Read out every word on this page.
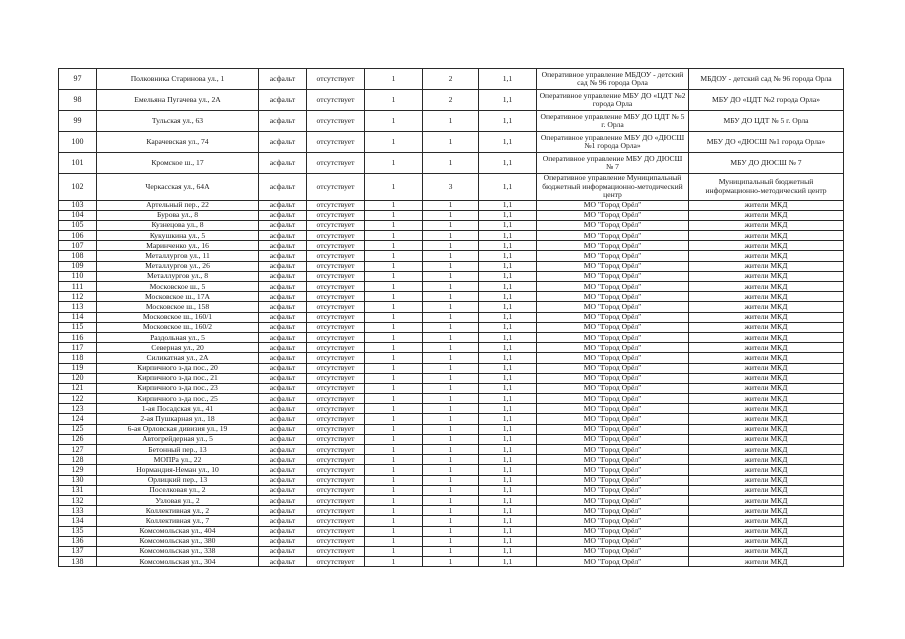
97	Полковника Старинова ул., 1	асфальт	отсутствует	1	2	1,1	Оперативное управление МБДОУ - детский сад № 96 города Орла	МБДОУ - детский сад № 96 города Орла
98	Емельяна Пугачева ул., 2А	асфальт	отсутствует	1	2	1,1	Оперативное управление МБУ ДО «ЦДТ №2 города Орла	МБУ ДО «ЦДТ №2 города Орла»
99	Тульская ул., 63	асфальт	отсутствует	1	1	1,1	Оперативное управление МБУ ДО ЦДТ № 5 г. Орла	МБУ ДО ЦДТ № 5 г. Орла
100	Карачевская ул., 74	асфальт	отсутствует	1	1	1,1	Оперативное управление МБУ ДО «ДЮСШ №1 города Орла»	МБУ ДО «ДЮСШ №1 города Орла»
101	Кромское ш., 17	асфальт	отсутствует	1	1	1,1	Оперативное управление МБУ ДО ДЮСШ № 7	МБУ ДО ДЮСШ № 7
102	Черкасская ул., 64А	асфальт	отсутствует	1	3	1,1	Оперативное управление Муниципальный бюджетный информационно-методический центр	Муниципальный бюджетный информационно-методический центр
103	Артельный пер., 22	асфальт	отсутствует	1	1	1,1	МО "Город Орёл"	жители МКД
104	Бурова ул., 8	асфальт	отсутствует	1	1	1,1	МО "Город Орёл"	жители МКД
105	Кузнецова ул., 8	асфальт	отсутствует	1	1	1,1	МО "Город Орёл"	жители МКД
106	Кукушкина ул., 5	асфальт	отсутствует	1	1	1,1	МО "Город Орёл"	жители МКД
107	Маринченко ул., 16	асфальт	отсутствует	1	1	1,1	МО "Город Орёл"	жители МКД
108	Металлургов ул., 11	асфальт	отсутствует	1	1	1,1	МО "Город Орёл"	жители МКД
109	Металлургов ул., 26	асфальт	отсутствует	1	1	1,1	МО "Город Орёл"	жители МКД
110	Металлургов ул., 8	асфальт	отсутствует	1	1	1,1	МО "Город Орёл"	жители МКД
111	Московское ш., 5	асфальт	отсутствует	1	1	1,1	МО "Город Орёл"	жители МКД
112	Московское ш., 17А	асфальт	отсутствует	1	1	1,1	МО "Город Орёл"	жители МКД
113	Московское ш., 158	асфальт	отсутствует	1	1	1,1	МО "Город Орёл"	жители МКД
114	Московское ш., 160/1	асфальт	отсутствует	1	1	1,1	МО "Город Орёл"	жители МКД
115	Московское ш., 160/2	асфальт	отсутствует	1	1	1,1	МО "Город Орёл"	жители МКД
116	Раздольная ул., 5	асфальт	отсутствует	1	1	1,1	МО "Город Орёл"	жители МКД
117	Северная ул., 20	асфальт	отсутствует	1	1	1,1	МО "Город Орёл"	жители МКД
118	Силикатная ул., 2А	асфальт	отсутствует	1	1	1,1	МО "Город Орёл"	жители МКД
119	Кирпичного з-да пос., 20	асфальт	отсутствует	1	1	1,1	МО "Город Орёл"	жители МКД
120	Кирпичного з-да пос., 21	асфальт	отсутствует	1	1	1,1	МО "Город Орёл"	жители МКД
121	Кирпичного з-да пос., 23	асфальт	отсутствует	1	1	1,1	МО "Город Орёл"	жители МКД
122	Кирпичного з-да пос., 25	асфальт	отсутствует	1	1	1,1	МО "Город Орёл"	жители МКД
123	1-ая Посадская ул., 41	асфальт	отсутствует	1	1	1,1	МО "Город Орёл"	жители МКД
124	2-ая Пушкарная ул., 18	асфальт	отсутствует	1	1	1,1	МО "Город Орёл"	жители МКД
125	6-ая Орловская дивизия ул., 19	асфальт	отсутствует	1	1	1,1	МО "Город Орёл"	жители МКД
126	Автогрейдерная ул., 5	асфальт	отсутствует	1	1	1,1	МО "Город Орёл"	жители МКД
127	Бетонный пер., 13	асфальт	отсутствует	1	1	1,1	МО "Город Орёл"	жители МКД
128	МОПРа ул., 22	асфальт	отсутствует	1	1	1,1	МО "Город Орёл"	жители МКД
129	Нормандия-Неман ул., 10	асфальт	отсутствует	1	1	1,1	МО "Город Орёл"	жители МКД
130	Орлицкий пер., 13	асфальт	отсутствует	1	1	1,1	МО "Город Орёл"	жители МКД
131	Поселковая ул., 2	асфальт	отсутствует	1	1	1,1	МО "Город Орёл"	жители МКД
132	Узловая ул., 2	асфальт	отсутствует	1	1	1,1	МО "Город Орёл"	жители МКД
133	Коллективная ул., 2	асфальт	отсутствует	1	1	1,1	МО "Город Орёл"	жители МКД
134	Коллективная ул., 7	асфальт	отсутствует	1	1	1,1	МО "Город Орёл"	жители МКД
135	Комсомольская ул., 404	асфальт	отсутствует	1	1	1,1	МО "Город Орёл"	жители МКД
136	Комсомольская ул., 380	асфальт	отсутствует	1	1	1,1	МО "Город Орёл"	жители МКД
137	Комсомольская ул., 338	асфальт	отсутствует	1	1	1,1	МО "Город Орёл"	жители МКД
138	Комсомольская ул., 304	асфальт	отсутствует	1	1	1,1	МО "Город Орёл"	жители МКД
